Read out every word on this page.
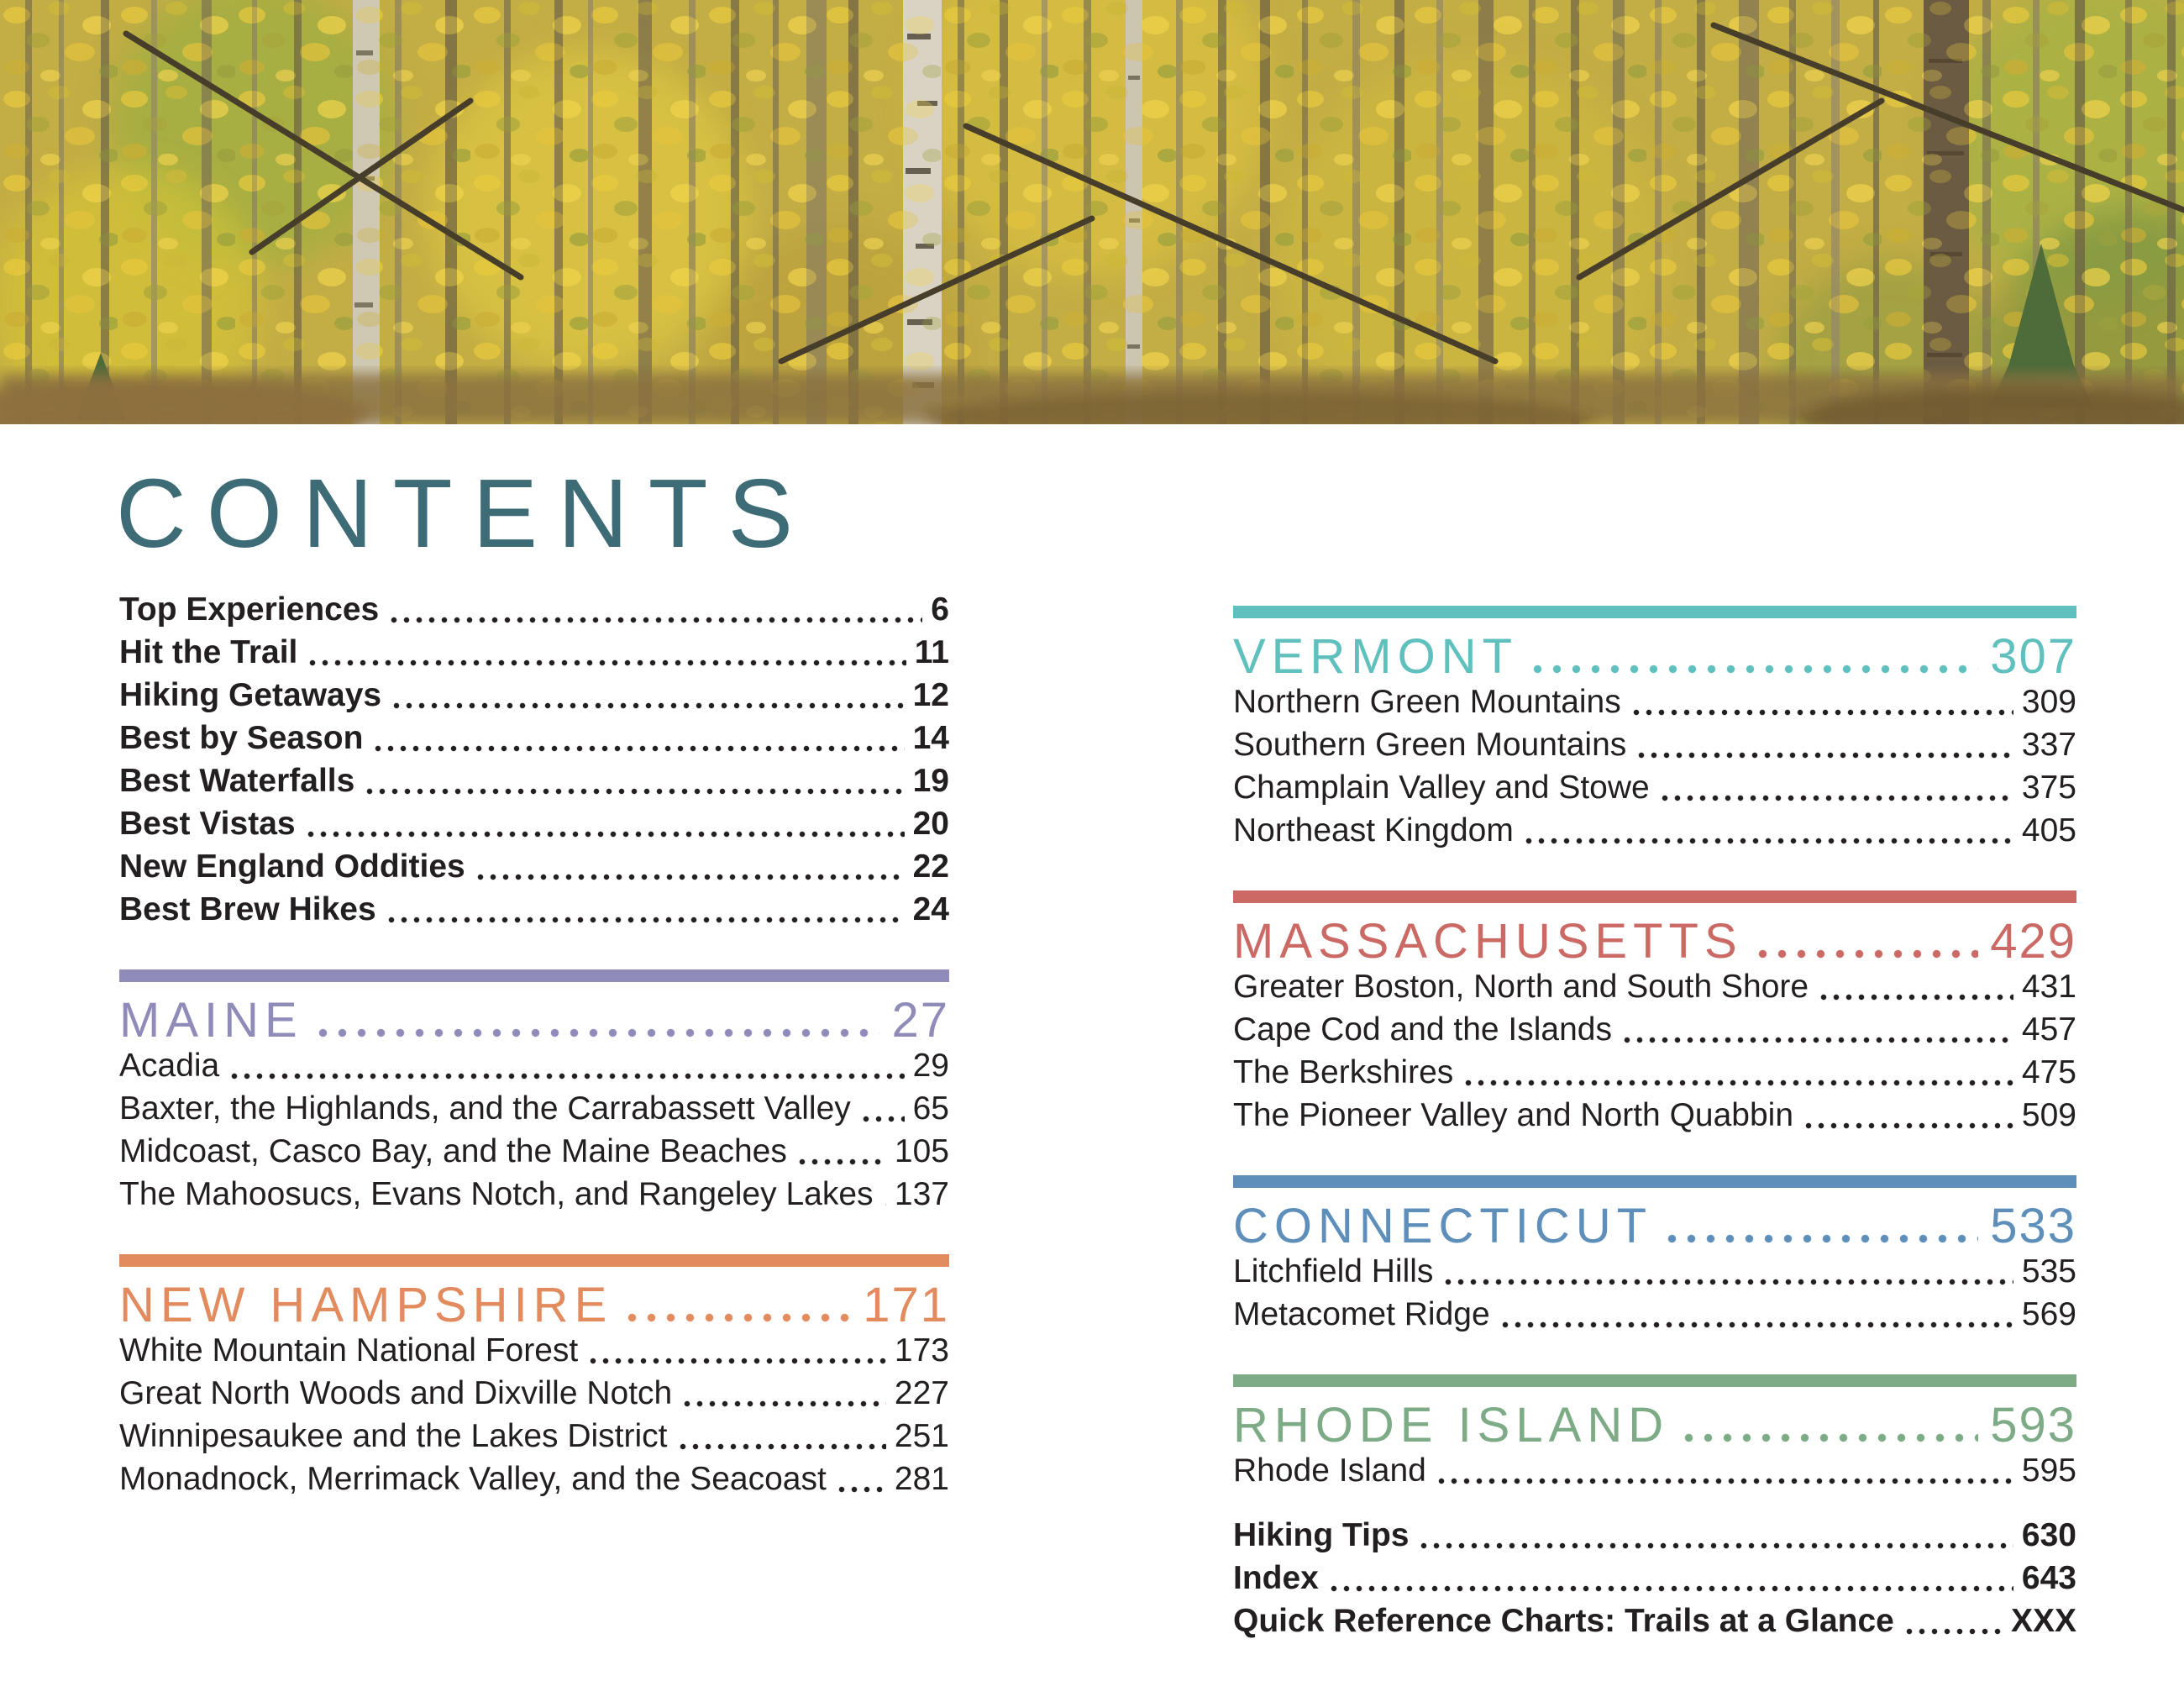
CONTENTS
Top Experiences	6
Hit the Trail	11
Hiking Getaways	12
Best by Season	14
Best Waterfalls	19
Best Vistas	20
New England Oddities	22
Best Brew Hikes	24
MAINE	27
Acadia	29
Baxter, the Highlands, and the Carrabassett Valley 65
Midcoast, Casco Bay, and the Maine Beaches	105
The Mahoosucs, Evans Notch, and Rangeley Lakes 137
NEW HAMPSHIRE	171
White Mountain National Forest	173
Great North Woods and Dixville Notch	227
Winnipesaukee and the Lakes District	251
Monadnock, Merrimack Valley, and the Seacoast 281
VERMONT	307
Northern Green Mountains	309
Southern Green Mountains	337
Champlain Valley and Stowe	375
Northeast Kingdom	405
MASSACHUSETTS	429
Greater Boston, North and South Shore	431
Cape Cod and the Islands	457
The Berkshires	475
The Pioneer Valley and North Quabbin	509
CONNECTICUT	533
Litchfield Hills	535
Metacomet Ridge	569
RHODE ISLAND	593
Rhode Island	595
Hiking Tips	630
Index	643
Quick Reference Charts: Trails at a Glance	XXX
